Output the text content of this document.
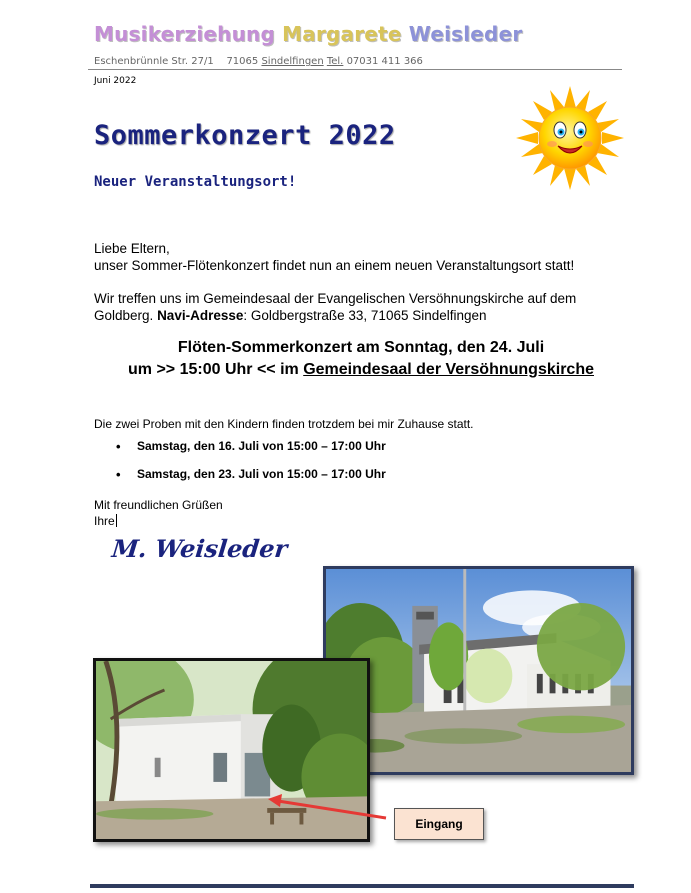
Musikerziehung Margarete Weisleder
Eschenbrünnle Str. 27/1 71065 Sindelfingen Tel. 07031 411 366
Juni 2022
Sommerkonzert 2022
Neuer Veranstaltungsort!
Liebe Eltern,
unser Sommer-Flötenkonzert findet nun an einem neuen Veranstaltungsort statt!
Wir treffen uns im Gemeindesaal der Evangelischen Versöhnungskirche auf dem Goldberg. Navi-Adresse: Goldbergstraße 33, 71065 Sindelfingen
Flöten-Sommerkonzert am Sonntag, den 24. Juli
um >> 15:00 Uhr << im Gemeindesaal der Versöhnungskirche
Die zwei Proben mit den Kindern finden trotzdem bei mir Zuhause statt.
• Samstag, den 16. Juli von 15:00 – 17:00 Uhr
• Samstag, den 23. Juli von 15:00 – 17:00 Uhr
Mit freundlichen Grüßen
Ihre
M. Weisleder
Eingang
